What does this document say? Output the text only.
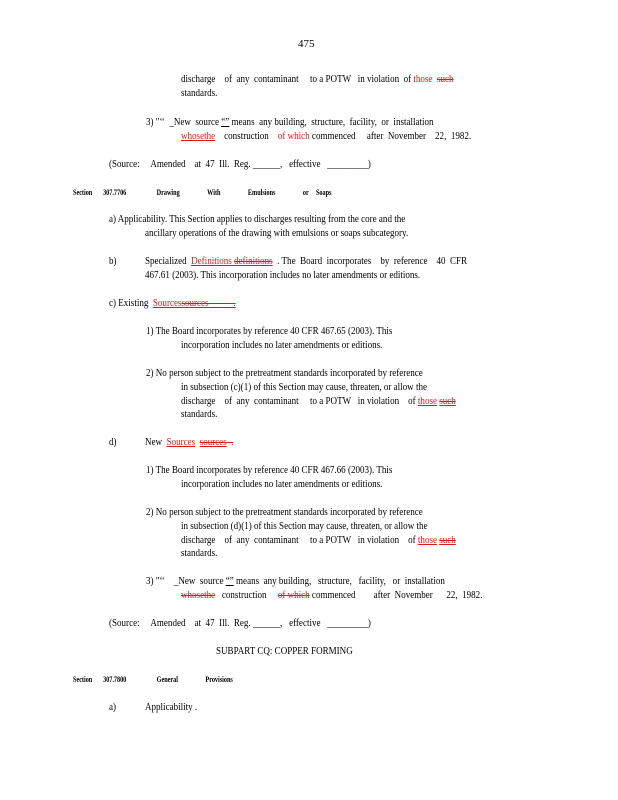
475
discharge    of  any  contaminant     to a POTW   in violation  of those such
standards.
3) "‘‘  _New  source “” means  any building,  structure,  facility,  or  installation
whosethe    construction    of which commenced     after  November    22,  1982.
(Source:     Amended    at  47  Ill.  Reg. ______,   effective   _________)
Section       307.7706	Drawing	With	Emulsions	or Soaps
a) Applicability. This Section applies to discharges resulting from the core and the
ancillary operations of the drawing with emulsions or soaps subcategory.
b)	Specialized  Definitions definitions  . The  Board  incorporates    by  reference    40  CFR
467.61 (2003). This incorporation includes no later amendments or editions.
c) Existing  Sourcessources           .
1) The Board incorporates by reference 40 CFR 467.65 (2003). This
incorporation includes no later amendments or editions.
2) No person subject to the pretreatment standards incorporated by reference
in subsection (c)(1) of this Section may cause, threaten, or allow the
discharge    of  any  contaminant     to a POTW   in violation    of those such
standards.
d)	New  Sources sources  .
1) The Board incorporates by reference 40 CFR 467.66 (2003). This
incorporation includes no later amendments or editions.
2) No person subject to the pretreatment standards incorporated by reference
in subsection (d)(1) of this Section may cause, threaten, or allow the
discharge    of  any  contaminant     to a POTW   in violation    of those such
standards.
3) "‘‘    _New  source “” means  any building,   structure,   facility,   or  installation
whosethe   construction     of which commenced        after  November      22,  1982.
(Source:     Amended    at  47  Ill.  Reg. ______,   effective   _________)
SUBPART CQ: COPPER FORMING
Section       307.7800	General	Provisions
a)	Applicability .
